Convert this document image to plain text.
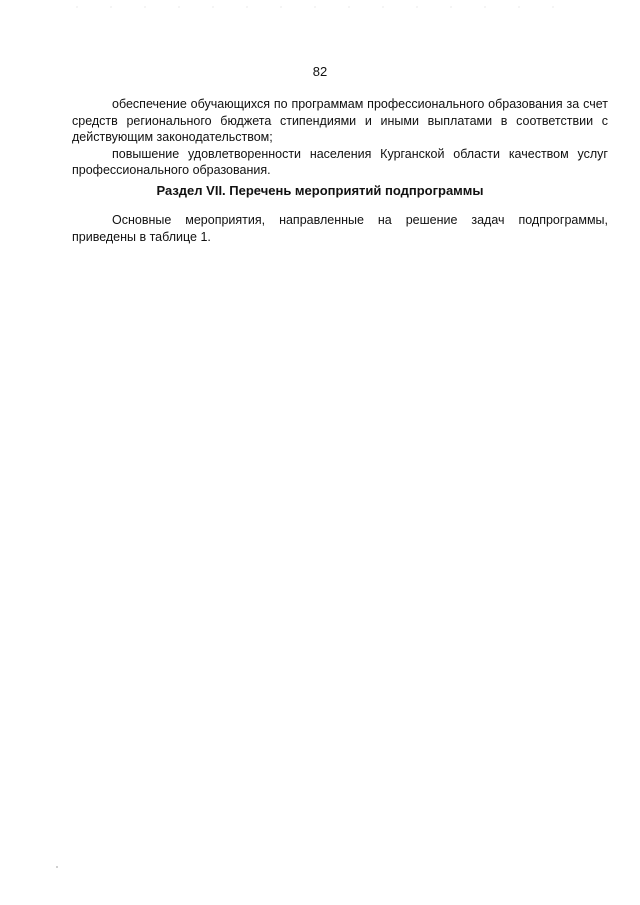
82

обеспечение обучающихся по программам профессионального образования за счет средств регионального бюджета стипендиями и иными выплатами в соответствии с действующим законодательством;

повышение удовлетворенности населения Курганской области качеством услуг профессионального образования.

Раздел VII. Перечень мероприятий подпрограммы

Основные мероприятия, направленные на решение задач подпрограммы, приведены в таблице 1.
